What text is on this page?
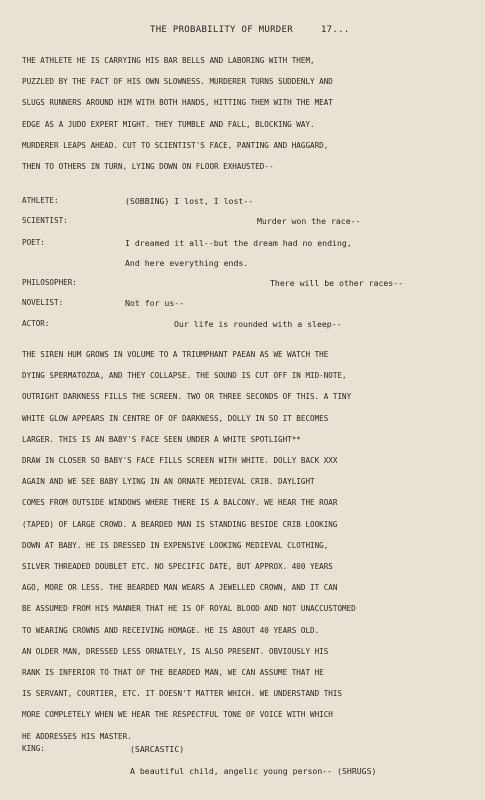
THE PROBABILITY OF MURDER	17...
THE ATHLETE HE IS CARRYING HIS BAR BELLS AND LABORING WITH THEM,
PUZZLED BY THE FACT OF HIS OWN SLOWNESS. MURDERER TURNS SUDDENLY AND
SLUGS RUNNERS AROUND HIM WITH BOTH HANDS, HITTING THEM WITH THE MEAT
EDGE AS A JUDO EXPERT MIGHT. THEY TUMBLE AND FALL, BLOCKING WAY.
MURDERER LEAPS AHEAD. CUT TO SCIENTIST'S FACE, PANTING AND HAGGARD,
THEN TO OTHERS IN TURN, LYING DOWN ON FLOOR EXHAUSTED--
ATHLETE:	(SOBBING) I lost, I lost--
SCIENTIST:	Murder won the race--
POET:	I dreamed it all--but the dream had no ending,
And here everything ends.
PHILOSOPHER:	There will be other races--
NOVELIST:	Not for us--
ACTOR:	Our life is rounded with a sleep--
THE SIREN HUM GROWS IN VOLUME TO A TRIUMPHANT PAEAN AS WE WATCH THE
DYING SPERMATOZOA, AND THEY COLLAPSE. THE SOUND IS CUT OFF IN MID-NOTE,
OUTRIGHT DARKNESS FILLS THE SCREEN. TWO OR THREE SECONDS OF THIS. A TINY
WHITE GLOW APPEARS IN CENTRE OF OF DARKNESS, DOLLY IN SO IT BECOMES
LARGER. THIS IS AN BABY'S FACE SEEN UNDER A WHITE SPOTLIGHT**
DRAW IN CLOSER SO BABY'S FACE FILLS SCREEN WITH WHITE. DOLLY BACK XXX
AGAIN AND WE SEE BABY LYING IN AN ORNATE MEDIEVAL CRIB. DAYLIGHT
COMES FROM OUTSIDE WINDOWS WHERE THERE IS A BALCONY. WE HEAR THE ROAR
(TAPED) OF LARGE CROWD. A BEARDED MAN IS STANDING BESIDE CRIB LOOKING
DOWN AT BABY. HE IS DRESSED IN EXPENSIVE LOOKING MEDIEVAL CLOTHING,
SILVER THREADED DOUBLET ETC. NO SPECIFIC DATE, BUT APPROX. 400 YEARS
AGO, MORE OR LESS. THE BEARDED MAN WEARS A JEWELLED CROWN, AND IT CAN
BE ASSUMED FROM HIS MANNER THAT HE IS OF ROYAL BLOOD AND NOT UNACCUSTOMED
TO WEARING CROWNS AND RECEIVING HOMAGE. HE IS ABOUT 40 YEARS OLD.
AN OLDER MAN, DRESSED LESS ORNATELY, IS ALSO PRESENT. OBVIOUSLY HIS
RANK IS INFERIOR TO THAT OF THE BEARDED MAN, WE CAN ASSUME THAT HE
IS SERVANT, COURTIER, ETC. IT DOESN'T MATTER WHICH. WE UNDERSTAND THIS
MORE COMPLETELY WHEN WE HEAR THE RESPECTFUL TONE OF VOICE WITH WHICH
HE ADDRESSES HIS MASTER.
KING:	(SARCASTIC)
A beautiful child, angelic young person-- (SHRUGS)
